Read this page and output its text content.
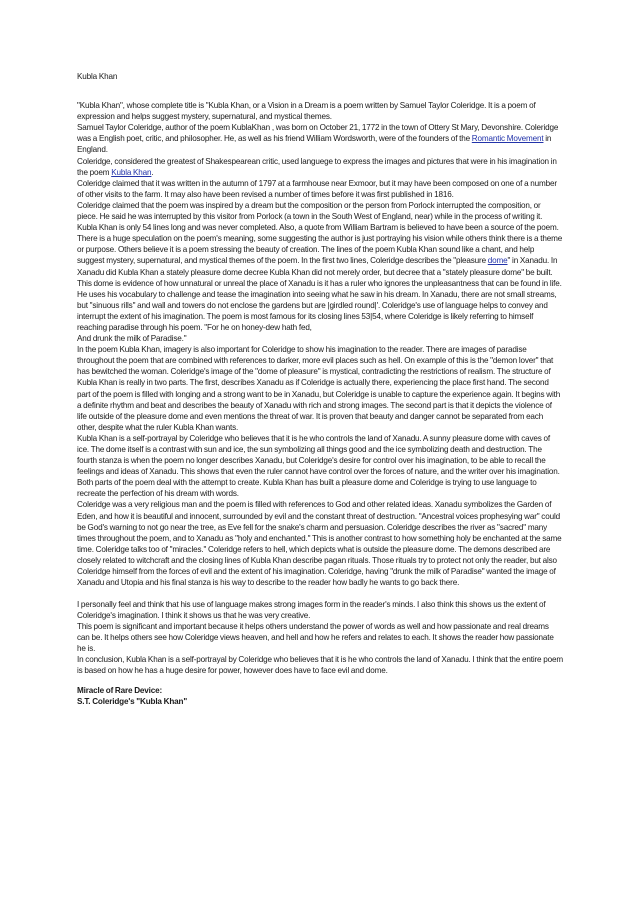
Kubla Khan

"Kubla Khan", whose complete title is "Kubla Khan, or a Vision in a Dream is a poem written by Samuel Taylor Coleridge. It is a poem of expression and helps suggest mystery, supernatural, and mystical themes.

Samuel Taylor Coleridge, author of the poem KublaKhan , was born on October 21, 1772 in the town of Ottery St Mary, Devonshire. Coleridge was a English poet, critic, and philosopher. He, as well as his friend William Wordsworth, were of the founders of the Romantic Movement in England.

Coleridge, considered the greatest of Shakespearean critic, used languege to express the images and pictures that were in his imagination in the poem Kubla Khan.

Coleridge claimed that it was written in the autumn of 1797 at a farmhouse near Exmoor, but it may have been composed on one of a number of other visits to the farm. It may also have been revised a number of times before it was first published in 1816.

Coleridge claimed that the poem was inspired by a dream but the composition or the person from Porlock interrupted the composition, or piece. He said he was interrupted by this visitor from Porlock (a town in the South West of England, near) while in the process of writing it.

Kubla Khan is only 54 lines long and was never completed. Also, a quote from William Bartram is believed to have been a source of the poem. There is a huge speculation on the poem's meaning, some suggesting the author is just portraying his vision while others think there is a theme or purpose. Others believe it is a poem stressing the beauty of creation. The lines of the poem Kubla Khan sound like a chant, and help suggest mystery, supernatural, and mystical themes of the poem. In the first two lines, Coleridge describes the "pleasure dome" in Xanadu. In Xanadu did Kubla Khan a stately pleasure dome decree Kubla Khan did not merely order, but decree that a "stately pleasure dome" be built. This dome is evidence of how unnatural or unreal the place of Xanadu is it has a ruler who ignores the unpleasantness that can be found in life.

He uses his vocabulary to challenge and tease the imagination into seeing what he saw in his dream. In Xanadu, there are not small streams, but "sinuous rills" and wall and towers do not enclose the gardens but are |girdled round|'. Coleridge's use of language helps to convey and interrupt the extent of his imagination. The poem is most famous for its closing lines 53|54, where Coleridge is likely referring to himself reaching paradise through his poem. "For he on honey-dew hath fed,

And drunk the milk of Paradise."

In the poem Kubla Khan, imagery is also important for Coleridge to show his imagination to the reader. There are images of paradise throughout the poem that are combined with references to darker, more evil places such as hell. On example of this is the "demon lover" that has bewitched the woman. Coleridge's image of the "dome of pleasure" is mystical, contradicting the restrictions of realism. The structure of Kubla Khan is really in two parts. The first, describes Xanadu as if Coleridge is actually there, experiencing the place first hand. The second part of the poem is filled with longing and a strong want to be in Xanadu, but Coleridge is unable to capture the experience again. It begins with a definite rhythm and beat and describes the beauty of Xanadu with rich and strong images. The second part is that it depicts the violence of life outside of the pleasure dome and even mentions the threat of war. It is proven that beauty and danger cannot be separated from each other, despite what the ruler Kubla Khan wants.

Kubla Khan is a self-portrayal by Coleridge who believes that it is he who controls the land of Xanadu. A sunny pleasure dome with caves of ice. The dome itself is a contrast with sun and ice, the sun symbolizing all things good and the ice symbolizing death and destruction. The fourth stanza is when the poem no longer describes Xanadu, but Coleridge's desire for control over his imagination, to be able to recall the feelings and ideas of Xanadu. This shows that even the ruler cannot have control over the forces of nature, and the writer over his imagination. Both parts of the poem deal with the attempt to create. Kubla Khan has built a pleasure dome and Coleridge is trying to use language to recreate the perfection of his dream with words.

Coleridge was a very religious man and the poem is filled with references to God and other related ideas. Xanadu symbolizes the Garden of Eden, and how it is beautiful and innocent, surrounded by evil and the constant threat of destruction. "Ancestral voices prophesying war" could be God's warning to not go near the tree, as Eve fell for the snake's charm and persuasion. Coleridge describes the river as "sacred" many times throughout the poem, and to Xanadu as "holy and enchanted." This is another contrast to how something holy be enchanted at the same time. Coleridge talks too of "miracles." Coleridge refers to hell, which depicts what is outside the pleasure dome. The demons described are closely related to witchcraft and the closing lines of Kubla Khan describe pagan rituals. Those rituals try to protect not only the reader, but also Coleridge himself from the forces of evil and the extent of his imagination. Coleridge, having "drunk the milk of Paradise" wanted the image of Xanadu and Utopia and his final stanza is his way to describe to the reader how badly he wants to go back there.

I personally feel and think that his use of language makes strong images form in the reader's minds. I also think this shows us the extent of Coleridge's imagination. I think it shows us that he was very creative.

This poem is significant and important because it helps others understand the power of words as well and how passionate and real dreams can be. It helps others see how Coleridge views heaven, and hell and how he refers and relates to each. It shows the reader how passionate he is.

In conclusion, Kubla Khan is a self-portrayal by Coleridge who believes that it is he who controls the land of Xanadu. I think that the entire poem is based on how he has a huge desire for power, however does have to face evil and dome.

Miracle of Rare Device:

S.T. Coleridge's "Kubla Khan"
